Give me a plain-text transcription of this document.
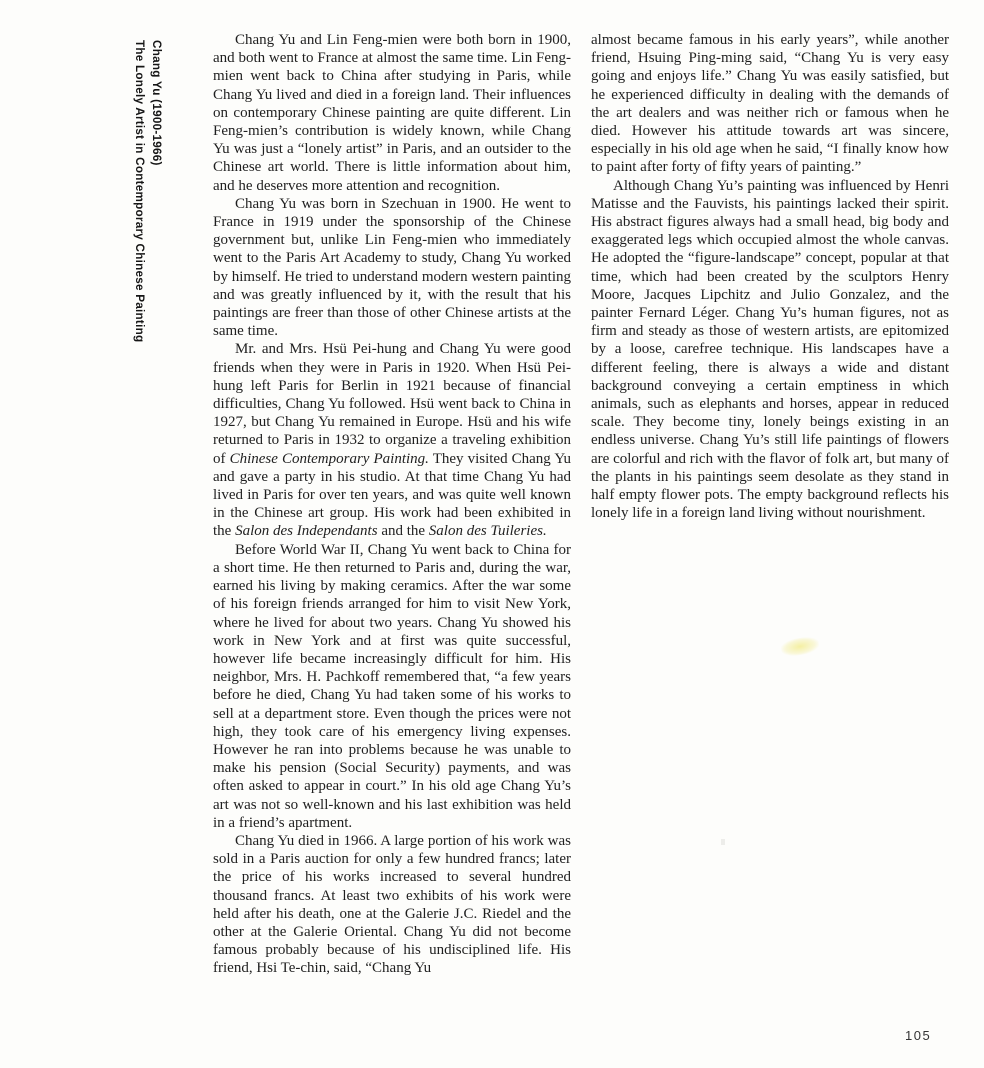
Chang Yu (1900-1966)
The Lonely Artist in Contemporary Chinese Painting	Chang Yu and Lin Feng-mien were both born in 1900, and both went to France at almost the same time. Lin Feng-mien went back to China after studying in Paris, while Chang Yu lived and died in a foreign land. Their influences on contemporary Chinese painting are quite different. Lin Feng-mien’s contribution is widely known, while Chang Yu was just a “lonely artist” in Paris, and an outsider to the Chinese art world. There is little information about him, and he deserves more attention and recognition.

Chang Yu was born in Szechuan in 1900. He went to France in 1919 under the sponsorship of the Chinese government but, unlike Lin Feng-mien who immediately went to the Paris Art Academy to study, Chang Yu worked by himself. He tried to understand modern western painting and was greatly influenced by it, with the result that his paintings are freer than those of other Chinese artists at the same time.

Mr. and Mrs. Hsü Pei-hung and Chang Yu were good friends when they were in Paris in 1920. When Hsü Pei-hung left Paris for Berlin in 1921 because of financial difficulties, Chang Yu followed. Hsü went back to China in 1927, but Chang Yu remained in Europe. Hsü and his wife returned to Paris in 1932 to organize a traveling exhibition of Chinese Contemporary Painting. They visited Chang Yu and gave a party in his studio. At that time Chang Yu had lived in Paris for over ten years, and was quite well known in the Chinese art group. His work had been exhibited in the Salon des Independants and the Salon des Tuileries.

Before World War II, Chang Yu went back to China for a short time. He then returned to Paris and, during the war, earned his living by making ceramics. After the war some of his foreign friends arranged for him to visit New York, where he lived for about two years. Chang Yu showed his work in New York and at first was quite successful, however life became increasingly difficult for him. His neighbor, Mrs. H. Pachkoff remembered that, “a few years before he died, Chang Yu had taken some of his works to sell at a department store. Even though the prices were not high, they took care of his emergency living expenses. However he ran into problems because he was unable to make his pension (Social Security) payments, and was often asked to appear in court.” In his old age Chang Yu’s art was not so well-known and his last exhibition was held in a friend’s apartment.

Chang Yu died in 1966. A large portion of his work was sold in a Paris auction for only a few hundred francs; later the price of his works increased to several hundred thousand francs. At least two exhibits of his work were held after his death, one at the Galerie J.C. Riedel and the other at the Galerie Oriental. Chang Yu did not become famous probably because of his undisciplined life. His friend, Hsi Te-chin, said, “Chang Yu

almost became famous in his early years”, while another friend, Hsuing Ping-ming said, “Chang Yu is very easy going and enjoys life.” Chang Yu was easily satisfied, but he experienced difficulty in dealing with the demands of the art dealers and was neither rich or famous when he died. However his attitude towards art was sincere, especially in his old age when he said, “I finally know how to paint after forty of fifty years of painting.”

Although Chang Yu’s painting was influenced by Henri Matisse and the Fauvists, his paintings lacked their spirit. His abstract figures always had a small head, big body and exaggerated legs which occupied almost the whole canvas. He adopted the “figure-landscape” concept, popular at that time, which had been created by the sculptors Henry Moore, Jacques Lipchitz and Julio Gonzalez, and the painter Fernard Léger. Chang Yu’s human figures, not as firm and steady as those of western artists, are epitomized by a loose, carefree technique. His landscapes have a different feeling, there is always a wide and distant background conveying a certain emptiness in which animals, such as elephants and horses, appear in reduced scale. They become tiny, lonely beings existing in an endless universe. Chang Yu’s still life paintings of flowers are colorful and rich with the flavor of folk art, but many of the plants in his paintings seem desolate as they stand in half empty flower pots. The empty background reflects his lonely life in a foreign land living without nourishment.

105
